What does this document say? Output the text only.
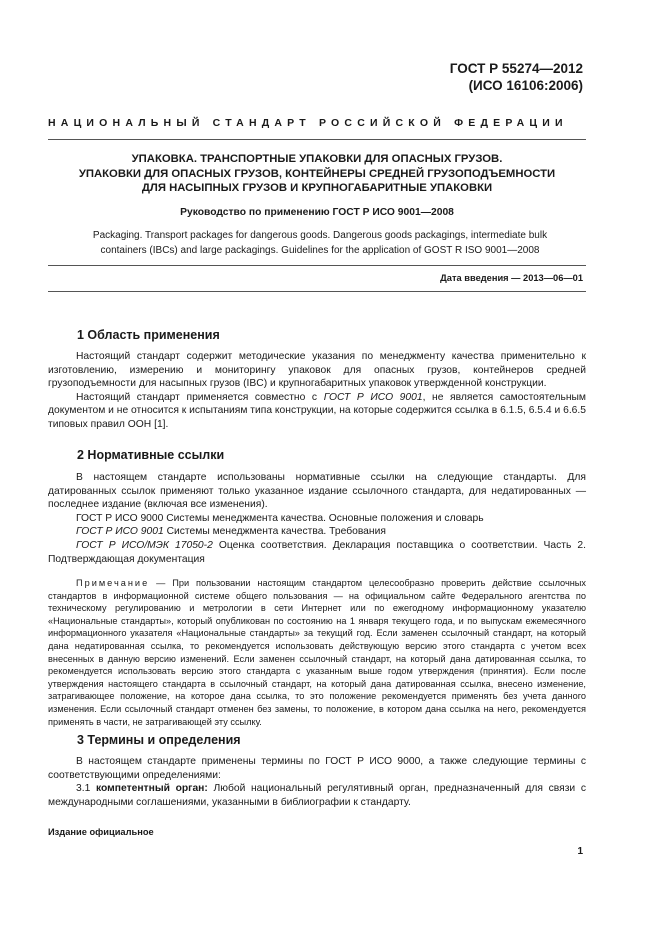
ГОСТ Р 55274—2012
(ИСО 16106:2006)
НАЦИОНАЛЬНЫЙ СТАНДАРТ РОССИЙСКОЙ ФЕДЕРАЦИИ
УПАКОВКА. ТРАНСПОРТНЫЕ УПАКОВКИ ДЛЯ ОПАСНЫХ ГРУЗОВ.
УПАКОВКИ ДЛЯ ОПАСНЫХ ГРУЗОВ, КОНТЕЙНЕРЫ СРЕДНЕЙ ГРУЗОПОДЪЕМНОСТИ
ДЛЯ НАСЫПНЫХ ГРУЗОВ И КРУПНОГАБАРИТНЫЕ УПАКОВКИ
Руководство по применению ГОСТ Р ИСО 9001—2008
Packaging. Transport packages for dangerous goods. Dangerous goods packagings, intermediate bulk
containers (IBCs) and large packagings. Guidelines for the application of GOST R ISO 9001—2008
Дата введения — 2013—06—01
1 Область применения

Настоящий стандарт содержит методические указания по менеджменту качества применительно к изготовлению, измерению и мониторингу упаковок для опасных грузов, контейнеров средней грузоподъемности для насыпных грузов (IBC) и крупногабаритных упаковок утвержденной конструкции.

Настоящий стандарт применяется совместно с ГОСТ Р ИСО 9001, не является самостоятельным документом и не относится к испытаниям типа конструкции, на которые содержится ссылка в 6.1.5, 6.5.4 и 6.6.5 типовых правил ООН [1].

2 Нормативные ссылки

В настоящем стандарте использованы нормативные ссылки на следующие стандарты. Для датированных ссылок применяют только указанное издание ссылочного стандарта, для недатированных — последнее издание (включая все изменения).

ГОСТ Р ИСО 9000 Системы менеджмента качества. Основные положения и словарь

ГОСТ Р ИСО 9001 Системы менеджмента качества. Требования

ГОСТ Р ИСО/МЭК 17050-2 Оценка соответствия. Декларация поставщика о соответствии. Часть 2. Подтверждающая документация

Примечание — При пользовании настоящим стандартом целесообразно проверить действие ссылочных стандартов в информационной системе общего пользования — на официальном сайте Федерального агентства по техническому регулированию и метрологии в сети Интернет или по ежегодному информационному указателю «Национальные стандарты», который опубликован по состоянию на 1 января текущего года, и по выпускам ежемесячного информационного указателя «Национальные стандарты» за текущий год. Если заменен ссылочный стандарт, на который дана недатированная ссылка, то рекомендуется использовать действующую версию этого стандарта с учетом всех внесенных в данную версию изменений. Если заменен ссылочный стандарт, на который дана датированная ссылка, то рекомендуется использовать версию этого стандарта с указанным выше годом утверждения (принятия). Если после утверждения настоящего стандарта в ссылочный стандарт, на который дана датированная ссылка, внесено изменение, затрагивающее положение, на которое дана ссылка, то это положение рекомендуется применять без учета данного изменения. Если ссылочный стандарт отменен без замены, то положение, в котором дана ссылка на него, рекомендуется применять в части, не затрагивающей эту ссылку.
3 Термины и определения

В настоящем стандарте применены термины по ГОСТ Р ИСО 9000, а также следующие термины с соответствующими определениями:

3.1 компетентный орган: Любой национальный регулятивный орган, предназначенный для связи с международными соглашениями, указанными в библиографии к стандарту.

Издание официальное
1
